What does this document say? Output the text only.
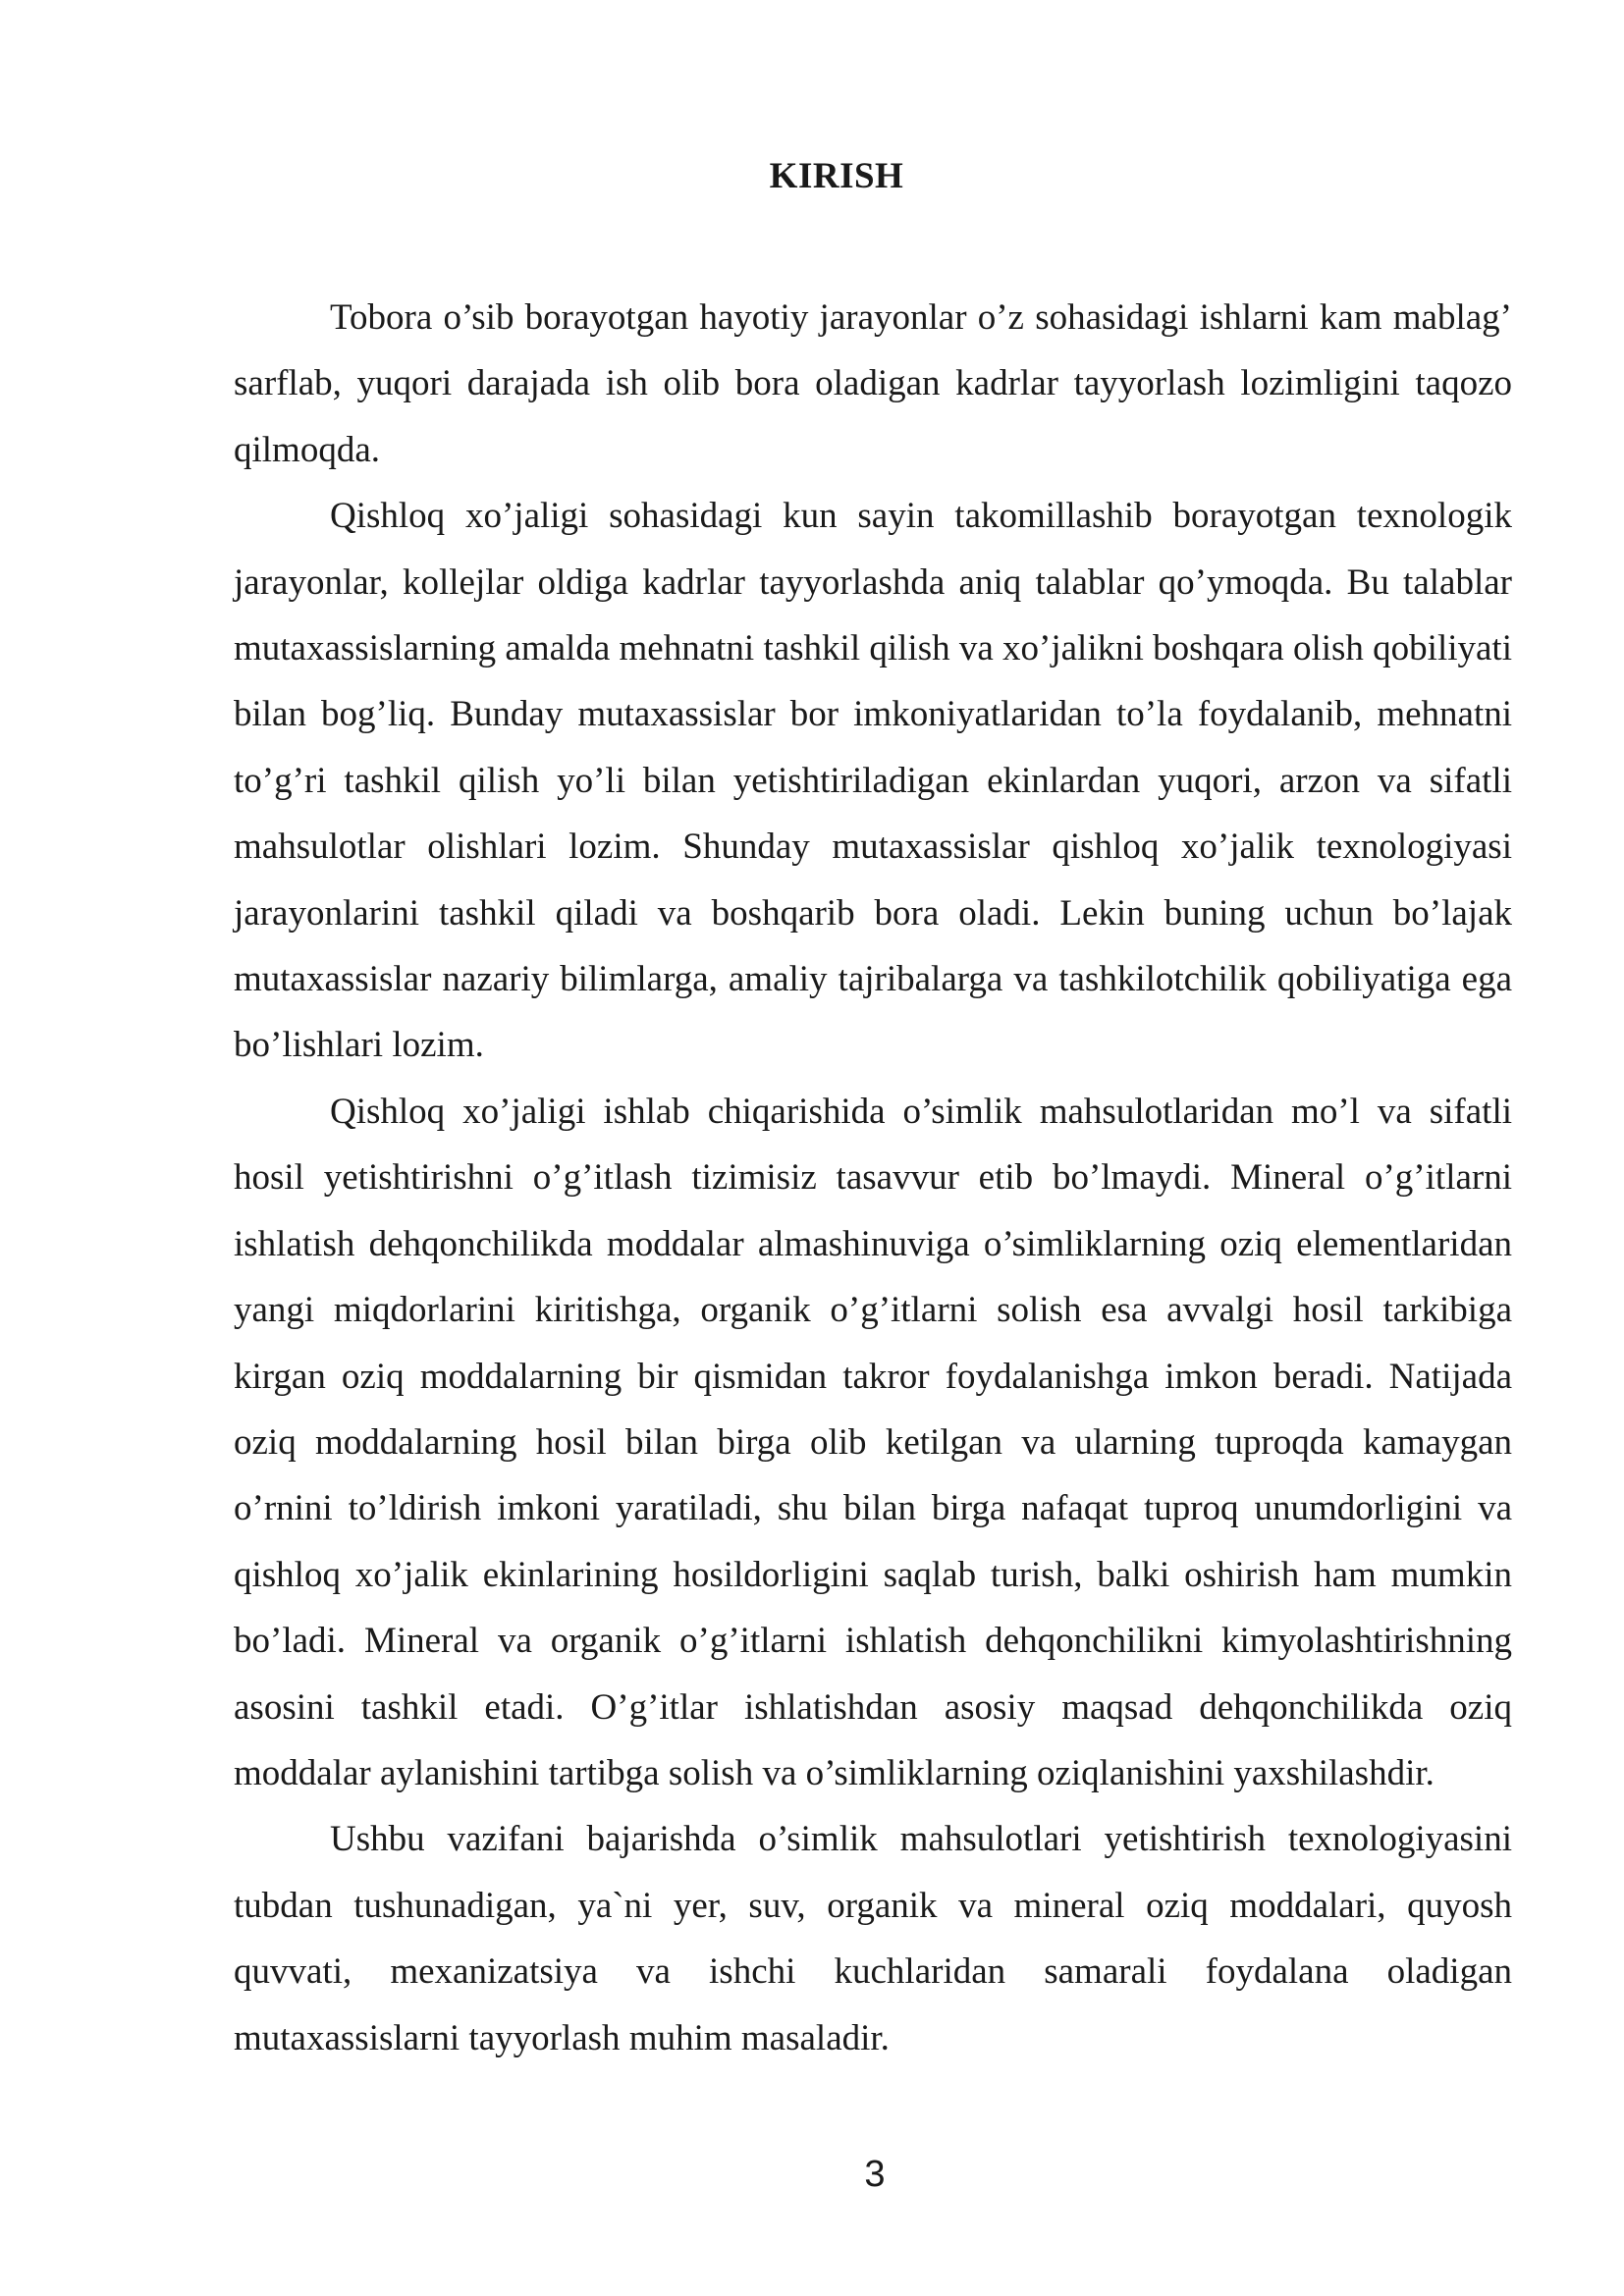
KIRISH

Tobora o’sib borayotgan hayotiy jarayonlar o’z sohasidagi ishlarni kam mablag’ sarflab, yuqori darajada ish olib bora oladigan kadrlar tayyorlash lozimligini taqozo qilmoqda.

Qishloq xo’jaligi sohasidagi kun sayin takomillashib borayotgan texnologik jarayonlar, kollejlar oldiga kadrlar tayyorlashda aniq talablar qo’ymoqda. Bu talablar mutaxassislarning amalda mehnatni tashkil qilish va xo’jalikni boshqara olish qobiliyati bilan bog’liq. Bunday mutaxassislar bor imkoniyatlaridan to’la foydalanib, mehnatni to’g’ri tashkil qilish yo’li bilan yetishtiriladigan ekinlardan yuqori, arzon va sifatli mahsulotlar olishlari lozim. Shunday mutaxassislar qishloq xo’jalik texnologiyasi jarayonlarini tashkil qiladi va boshqarib bora oladi. Lekin buning uchun bo’lajak mutaxassislar nazariy bilimlarga, amaliy tajribalarga va tashkilotchilik qobiliyatiga ega bo’lishlari lozim.

Qishloq xo’jaligi ishlab chiqarishida o’simlik mahsulotlaridan mo’l va sifatli hosil yetishtirishni o’g’itlash tizimisiz tasavvur etib bo’lmaydi. Mineral o’g’itlarni ishlatish dehqonchilikda moddalar almashinuviga o’simliklarning oziq elementlaridan yangi miqdorlarini kiritishga, organik o’g’itlarni solish esa avvalgi hosil tarkibiga kirgan oziq moddalarning bir qismidan takror foydalanishga imkon beradi. Natijada oziq moddalarning hosil bilan birga olib ketilgan va ularning tuproqda kamaygan o’rnini to’ldirish imkoni yaratiladi, shu bilan birga nafaqat tuproq unumdorligini va qishloq xo’jalik ekinlarining hosildorligini saqlab turish, balki oshirish ham mumkin bo’ladi. Mineral va organik o’g’itlarni ishlatish dehqonchilikni kimyolashtirishning asosini tashkil etadi. O’g’itlar ishlatishdan asosiy maqsad dehqonchilikda oziq moddalar aylanishini tartibga solish va o’simliklarning oziqlanishini yaxshilashdir.

Ushbu vazifani bajarishda o’simlik mahsulotlari yetishtirish texnologiyasini tubdan tushunadigan, ya`ni yer, suv, organik va mineral oziq moddalari, quyosh quvvati, mexanizatsiya va ishchi kuchlaridan samarali foydalana oladigan mutaxassislarni tayyorlash muhim masaladir.

3
